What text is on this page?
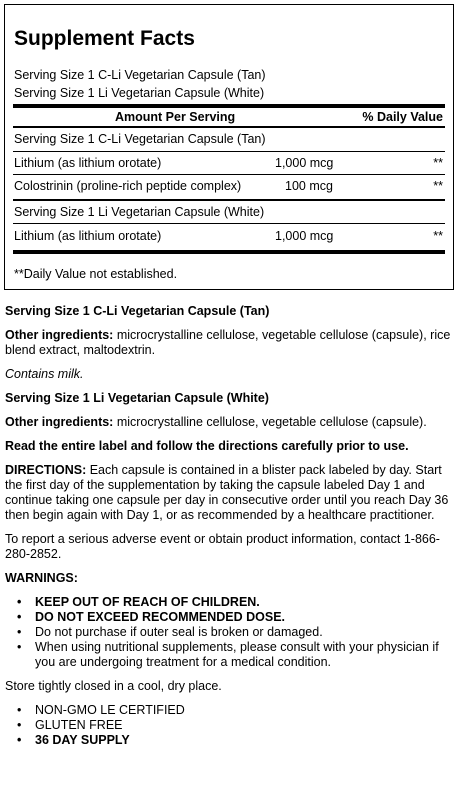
Supplement Facts
Serving Size 1 C-Li Vegetarian Capsule (Tan)
Serving Size 1 Li Vegetarian Capsule (White)
Amount Per Serving	% Daily Value
Serving Size 1 C-Li Vegetarian Capsule (Tan)
Lithium (as lithium orotate)	1,000 mcg	**
Colostrinin (proline-rich peptide complex)	100 mcg	**
Serving Size 1 Li Vegetarian Capsule (White)
Lithium (as lithium orotate)	1,000 mcg	**
**Daily Value not established.

Serving Size 1 C-Li Vegetarian Capsule (Tan)

Other ingredients: microcrystalline cellulose, vegetable cellulose (capsule), rice blend extract, maltodextrin.

Contains milk.

Serving Size 1 Li Vegetarian Capsule (White)

Other ingredients: microcrystalline cellulose, vegetable cellulose (capsule).

Read the entire label and follow the directions carefully prior to use.

DIRECTIONS: Each capsule is contained in a blister pack labeled by day. Start the first day of the supplementation by taking the capsule labeled Day 1 and continue taking one capsule per day in consecutive order until you reach Day 36 then begin again with Day 1, or as recommended by a healthcare practitioner.

To report a serious adverse event or obtain product information, contact 1-866-280-2852.

WARNINGS:

• KEEP OUT OF REACH OF CHILDREN.
• DO NOT EXCEED RECOMMENDED DOSE.
• Do not purchase if outer seal is broken or damaged.
• When using nutritional supplements, please consult with your physician if you are undergoing treatment for a medical condition.

Store tightly closed in a cool, dry place.

• NON-GMO LE CERTIFIED
• GLUTEN FREE
• 36 DAY SUPPLY
